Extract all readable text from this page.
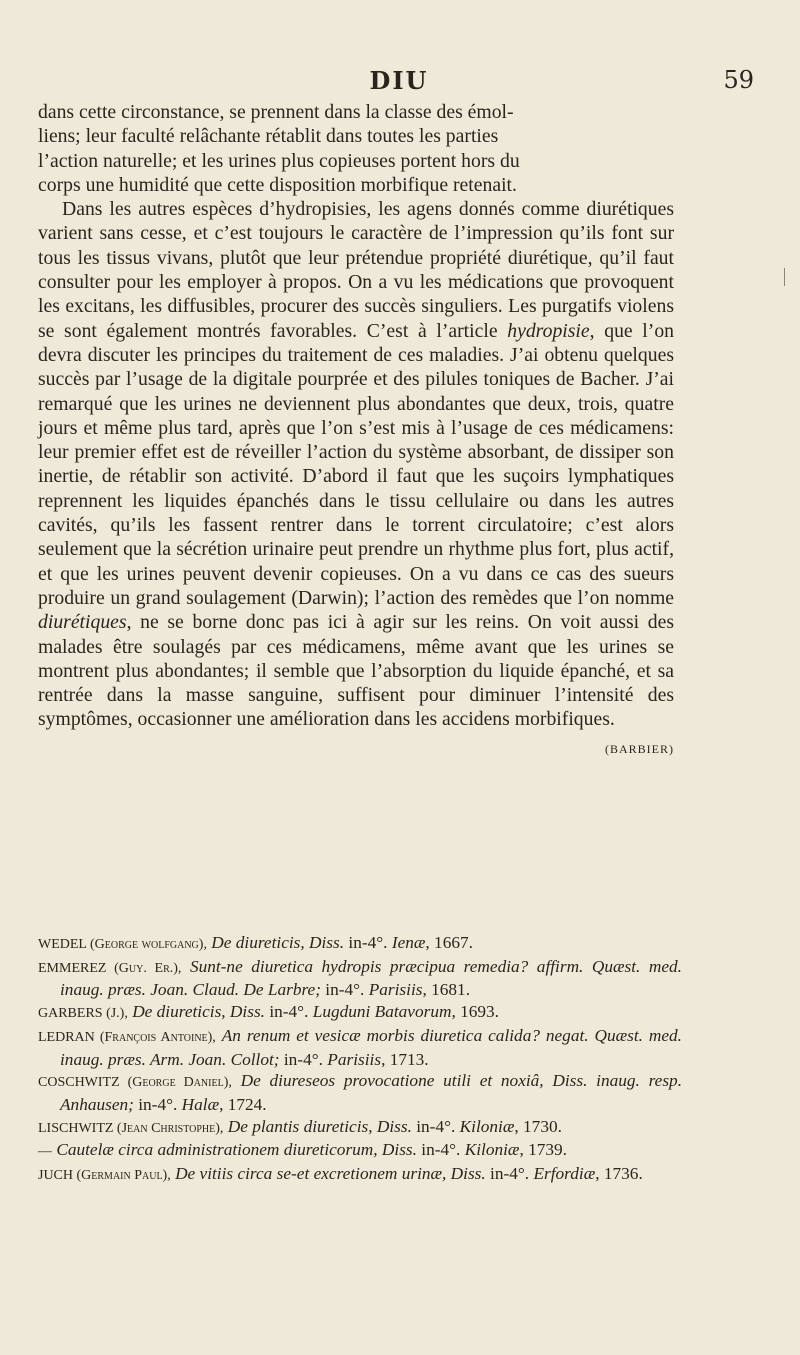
DIU	59

dans cette circonstance, se prennent dans la classe des émol-
liens; leur faculté relâchante rétablit dans toutes les parties
l’action naturelle; et les urines plus copieuses portent hors du
corps une humidité que cette disposition morbifique retenait.

Dans les autres espèces d’hydropisies, les agens donnés comme diurétiques varient sans cesse, et c’est toujours le caractère de l’impression qu’ils font sur tous les tissus vivans, plutôt que leur prétendue propriété diurétique, qu’il faut consulter pour les employer à propos. On a vu les médications que provoquent les excitans, les diffusibles, procurer des succès singuliers. Les purgatifs violens se sont également montrés favorables. C’est à l’article hydropisie, que l’on devra discuter les principes du traitement de ces maladies. J’ai obtenu quelques succès par l’usage de la digitale pourprée et des pilules toniques de Bacher. J’ai remarqué que les urines ne deviennent plus abondantes que deux, trois, quatre jours et même plus tard, après que l’on s’est mis à l’usage de ces médicamens: leur premier effet est de réveiller l’action du système absorbant, de dissiper son inertie, de rétablir son activité. D’abord il faut que les suçoirs lymphatiques reprennent les liquides épanchés dans le tissu cellulaire ou dans les autres cavités, qu’ils les fassent rentrer dans le torrent circulatoire; c’est alors seulement que la sécrétion urinaire peut prendre un rhythme plus fort, plus actif, et que les urines peuvent devenir copieuses. On a vu dans ce cas des sueurs produire un grand soulagement (Darwin); l’action des remèdes que l’on nomme diurétiques, ne se borne donc pas ici à agir sur les reins. On voit aussi des malades être soulagés par ces médicamens, même avant que les urines se montrent plus abondantes; il semble que l’absorption du liquide épanché, et sa rentrée dans la masse sanguine, suffisent pour diminuer l’intensité des symptômes, occasionner une amélioration dans les accidens morbifiques.
(BARBIER)

WEDEL (George wolfgang), De diureticis, Diss. in-4°. Ienæ, 1667.
EMMEREZ (Guy. Er.), Sunt-ne diuretica hydropis præcipua remedia? affirm. Quæst. med. inaug. præs. Joan. Claud. De Larbre; in-4°. Parisiis, 1681.
GARBERS (J.), De diureticis, Diss. in-4°. Lugduni Batavorum, 1693.
LEDRAN (François Antoine), An renum et vesicæ morbis diuretica calida? negat. Quæst. med. inaug. præs. Arm. Joan. Collot; in-4°. Parisiis, 1713.
COSCHWITZ (George Daniel), De diureseos provocatione utili et noxiâ, Diss. inaug. resp. Anhausen; in-4°. Halæ, 1724.
LISCHWITZ (Jean Christophe), De plantis diureticis, Diss. in-4°. Kiloniæ, 1730.
— Cautelæ circa administrationem diureticorum, Diss. in-4°. Kiloniæ, 1739.
JUCH (Germain Paul), De vitiis circa se-et excretionem urinæ, Diss. in-4°. Erfordiæ, 1736.
